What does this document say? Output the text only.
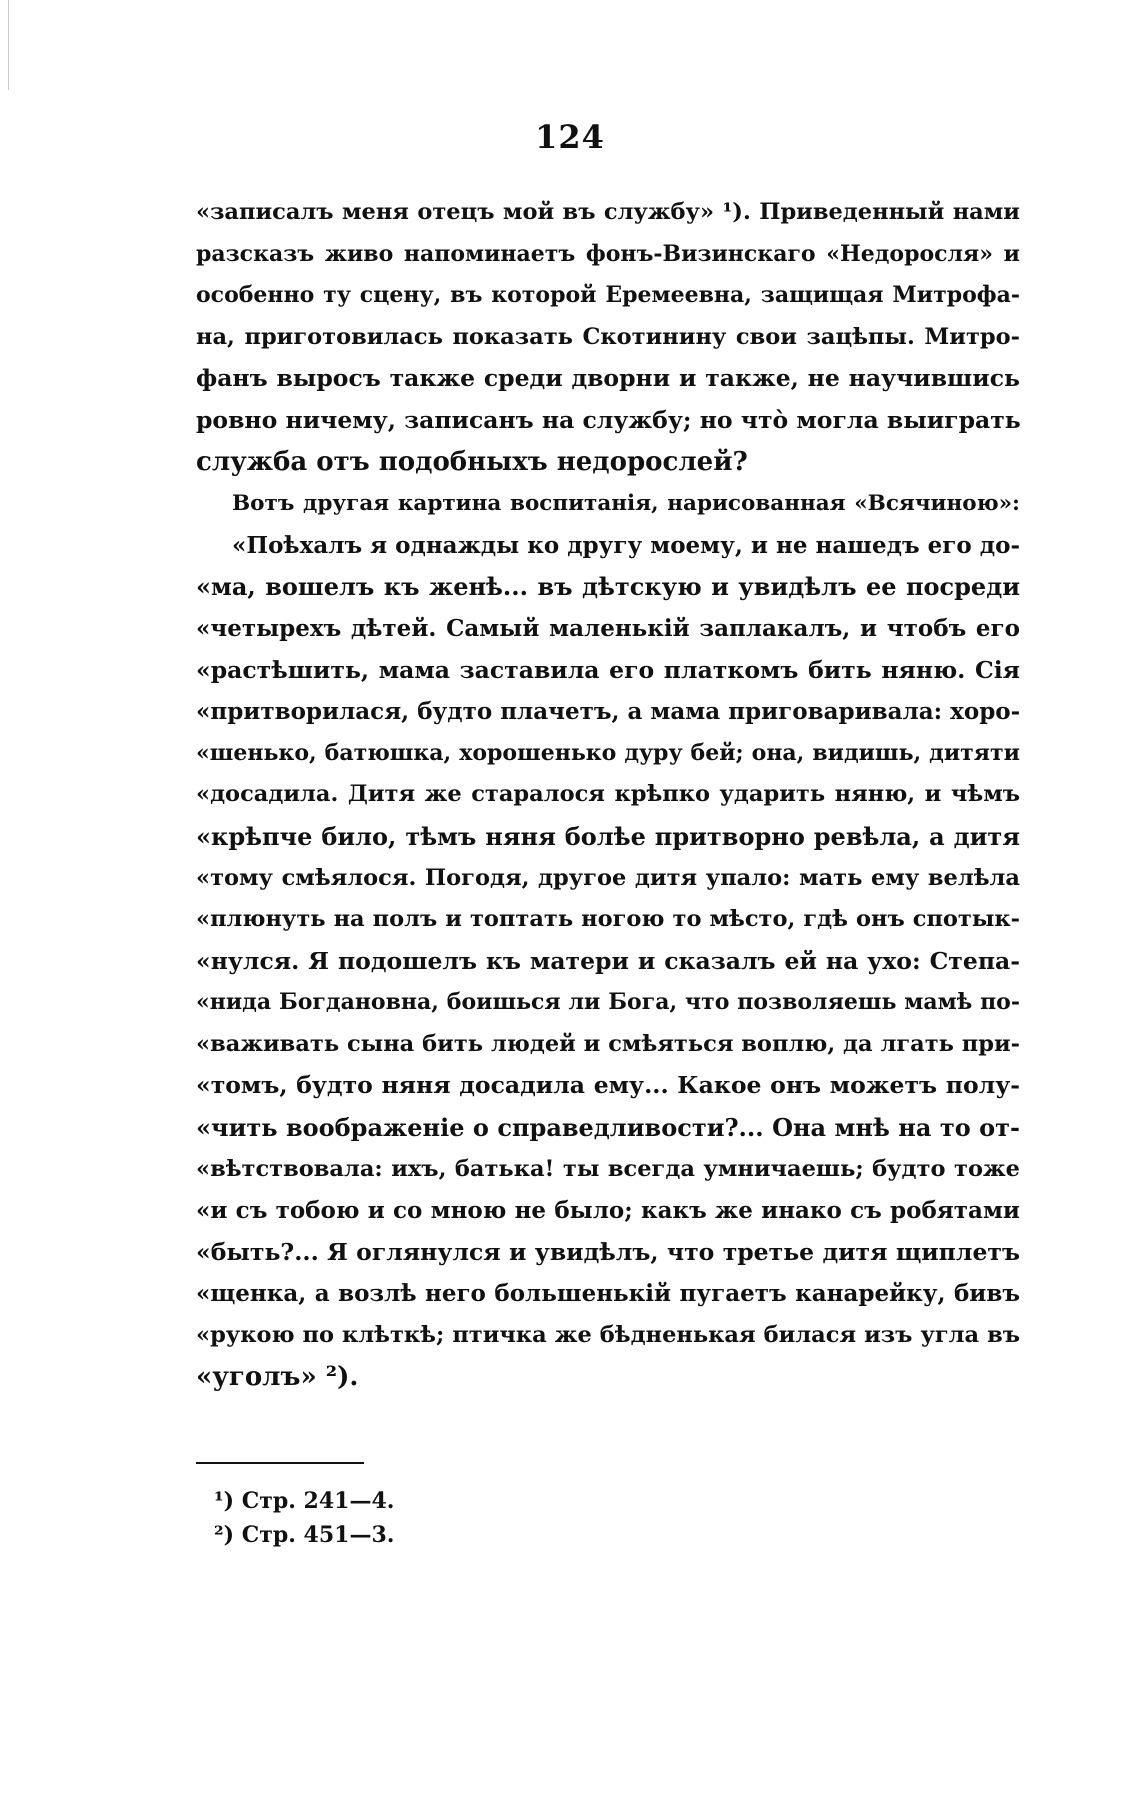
124
«записалъ меня отецъ мой въ службу» ¹). Приведенный нами
разсказъ живо напоминаетъ фонъ-Визинскаго «Недоросля» и
особенно ту сцену, въ которой Еремеевна, защищая Митрофа-
на, приготовилась показать Скотинину свои зацѣпы. Митро-
фанъ выросъ также среди дворни и также, не научившись
ровно ничему, записанъ на службу; но что̀ могла выиграть
служба отъ подобныхъ недорослей?
Вотъ другая картина воспитанія, нарисованная «Всячиною»:
«Поѣхалъ я однажды ко другу моему, и не нашедъ его до-
«ма, вошелъ къ женѣ... въ дѣтскую и увидѣлъ ее посреди
«четырехъ дѣтей. Самый маленькій заплакалъ, и чтобъ его
«растѣшить, мама заставила его платкомъ бить няню. Сія
«притворилася, будто плачетъ, а мама приговаривала: хоро-
«шенько, батюшка, хорошенько дуру бей; она, видишь, дитяти
«досадила. Дитя же старалося крѣпко ударить няню, и чѣмъ
«крѣпче било, тѣмъ няня болѣе притворно ревѣла, а дитя
«тому смѣялося. Погодя, другое дитя упало: мать ему велѣла
«плюнуть на полъ и топтать ногою то мѣсто, гдѣ онъ спотык-
«нулся. Я подошелъ къ матери и сказалъ ей на ухо: Степа-
«нида Богдановна, боишься ли Бога, что позволяешь мамѣ по-
«важивать сына бить людей и смѣяться воплю, да лгать при-
«томъ, будто няня досадила ему... Какое онъ можетъ полу-
«чить воображеніе о справедливости?... Она мнѣ на то от-
«вѣтствовала: ихъ, батька! ты всегда умничаешь; будто тоже
«и съ тобою и со мною не было; какъ же инако съ робятами
«быть?... Я оглянулся и увидѣлъ, что третье дитя щиплетъ
«щенка, а возлѣ него большенькій пугаетъ канарейку, бивъ
«рукою по клѣткѣ; птичка же бѣдненькая билася изъ угла въ
«уголъ» ²).
¹) Стр. 241—4.
²) Стр. 451—3.
